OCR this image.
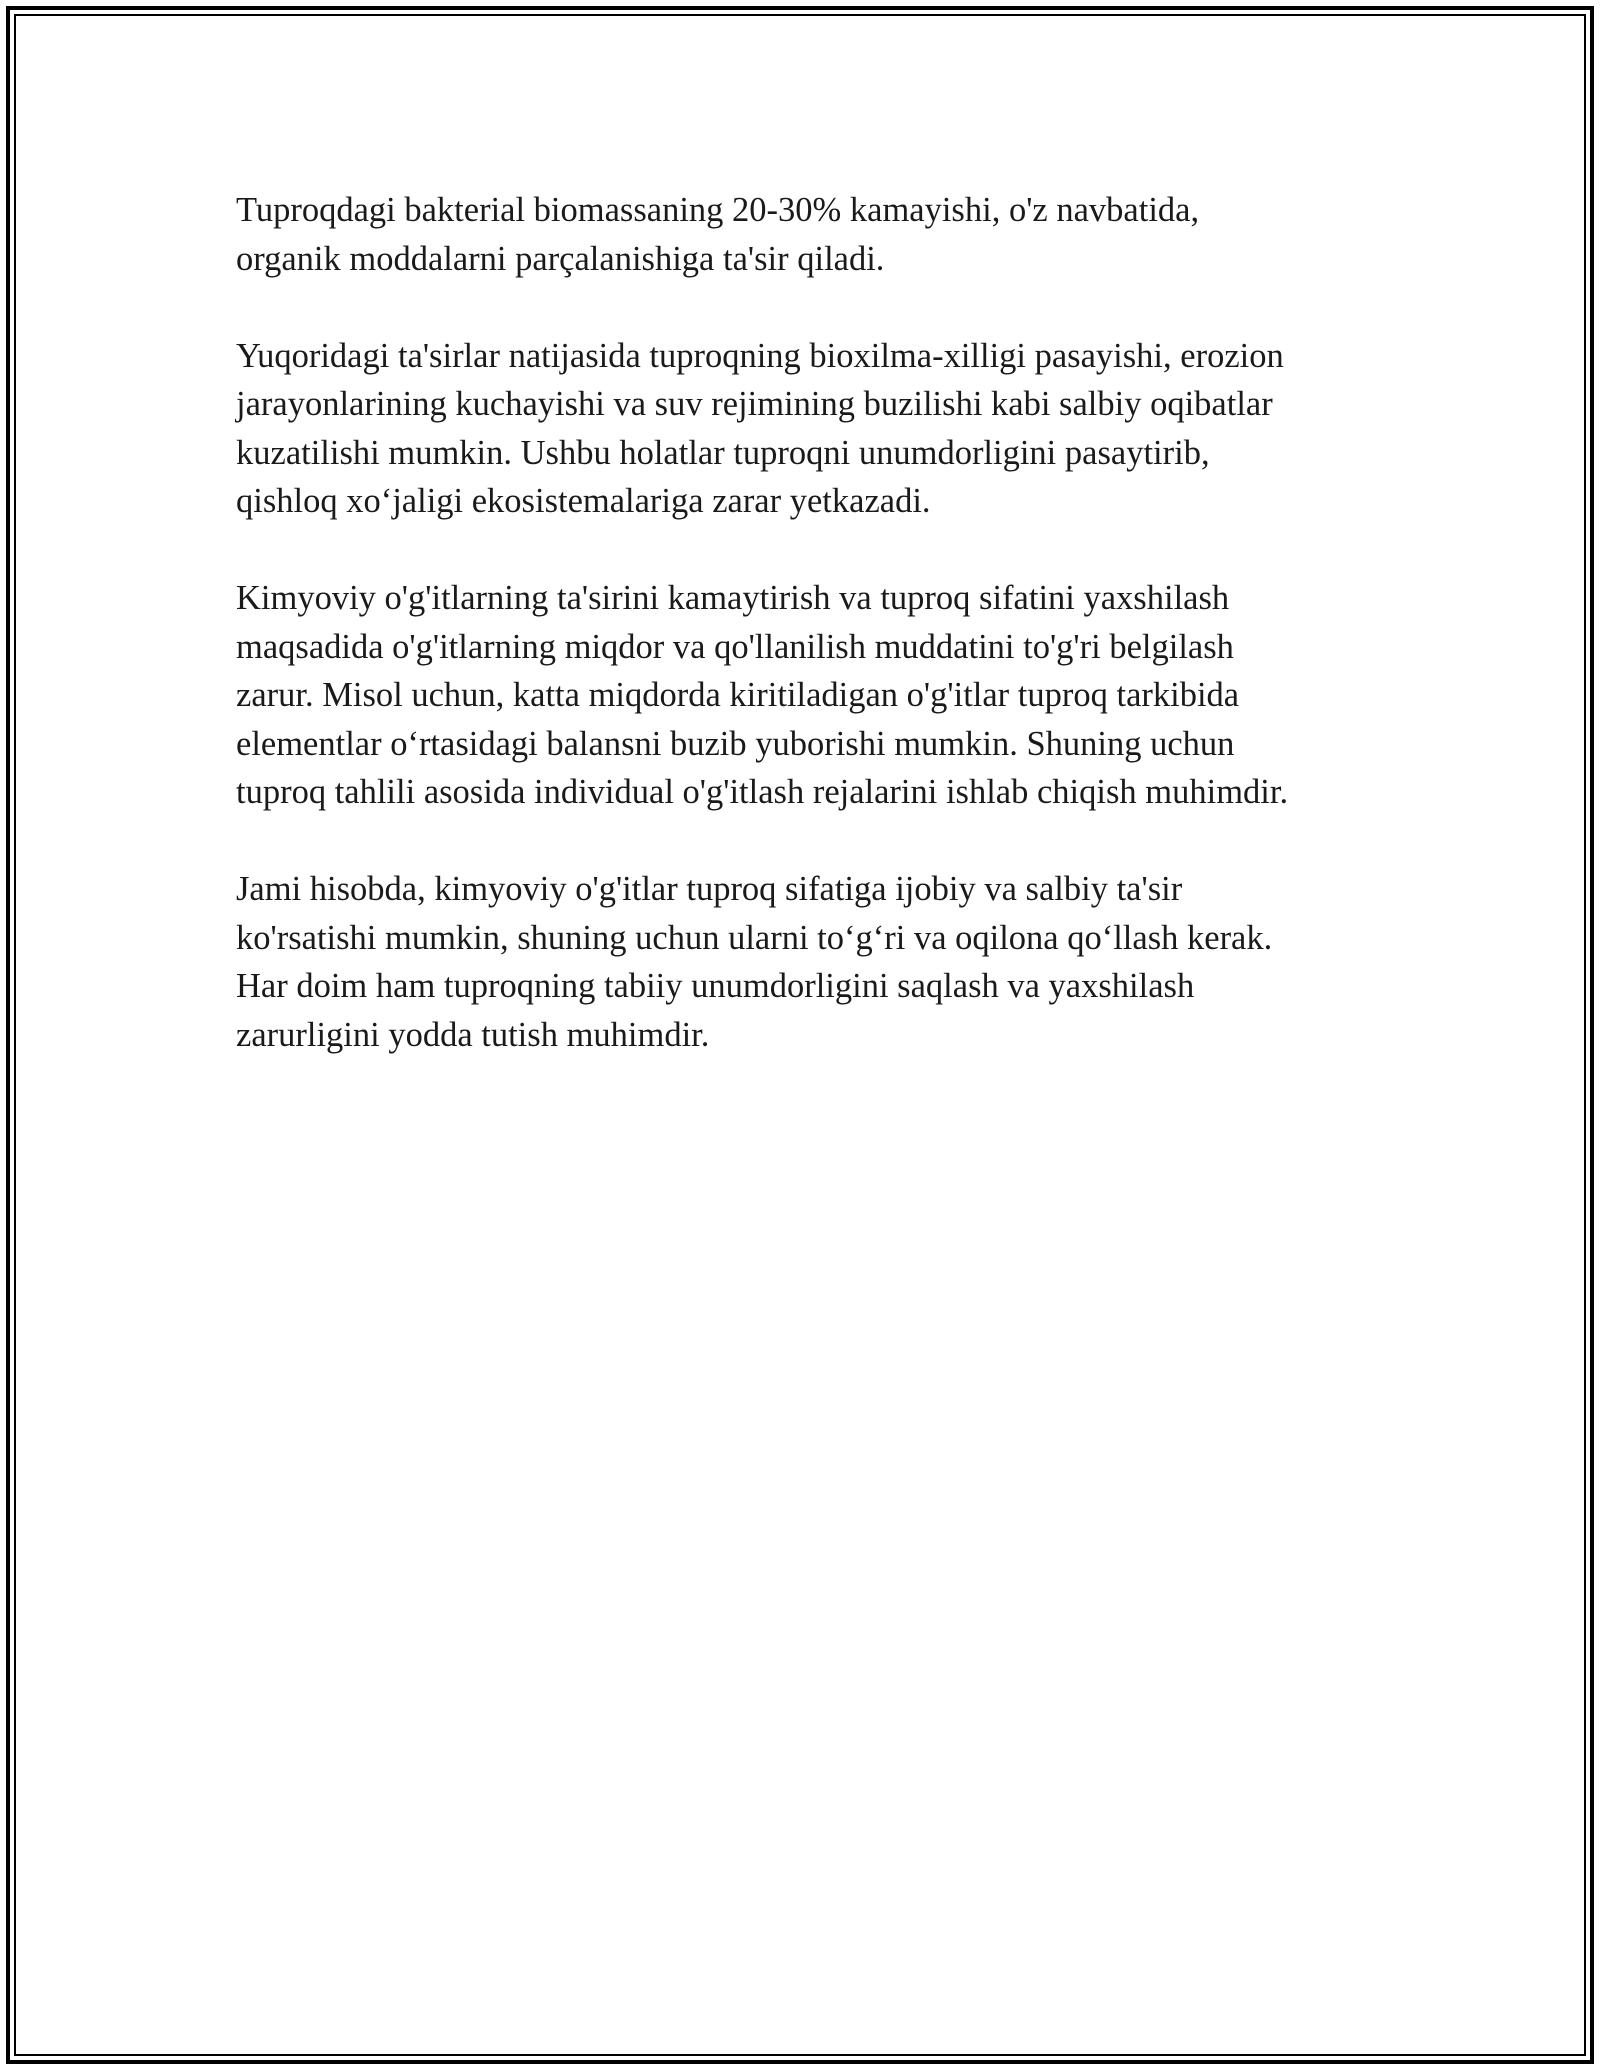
Tuproqdagi bakterial biomassaning 20-30% kamayishi, o'z navbatida,
organik moddalarni parçalanishiga ta'sir qiladi.

Yuqoridagi ta'sirlar natijasida tuproqning bioxilma-xilligi pasayishi, erozion
jarayonlarining kuchayishi va suv rejimining buzilishi kabi salbiy oqibatlar
kuzatilishi mumkin. Ushbu holatlar tuproqni unumdorligini pasaytirib,
qishloq xo‘jaligi ekosistemalariga zarar yetkazadi.

Kimyoviy o'g'itlarning ta'sirini kamaytirish va tuproq sifatini yaxshilash
maqsadida o'g'itlarning miqdor va qo'llanilish muddatini to'g'ri belgilash
zarur. Misol uchun, katta miqdorda kiritiladigan o'g'itlar tuproq tarkibida
elementlar o‘rtasidagi balansni buzib yuborishi mumkin. Shuning uchun
tuproq tahlili asosida individual o'g'itlash rejalarini ishlab chiqish muhimdir.

Jami hisobda, kimyoviy o'g'itlar tuproq sifatiga ijobiy va salbiy ta'sir
ko'rsatishi mumkin, shuning uchun ularni to‘g‘ri va oqilona qo‘llash kerak.
Har doim ham tuproqning tabiiy unumdorligini saqlash va yaxshilash
zarurligini yodda tutish muhimdir.
